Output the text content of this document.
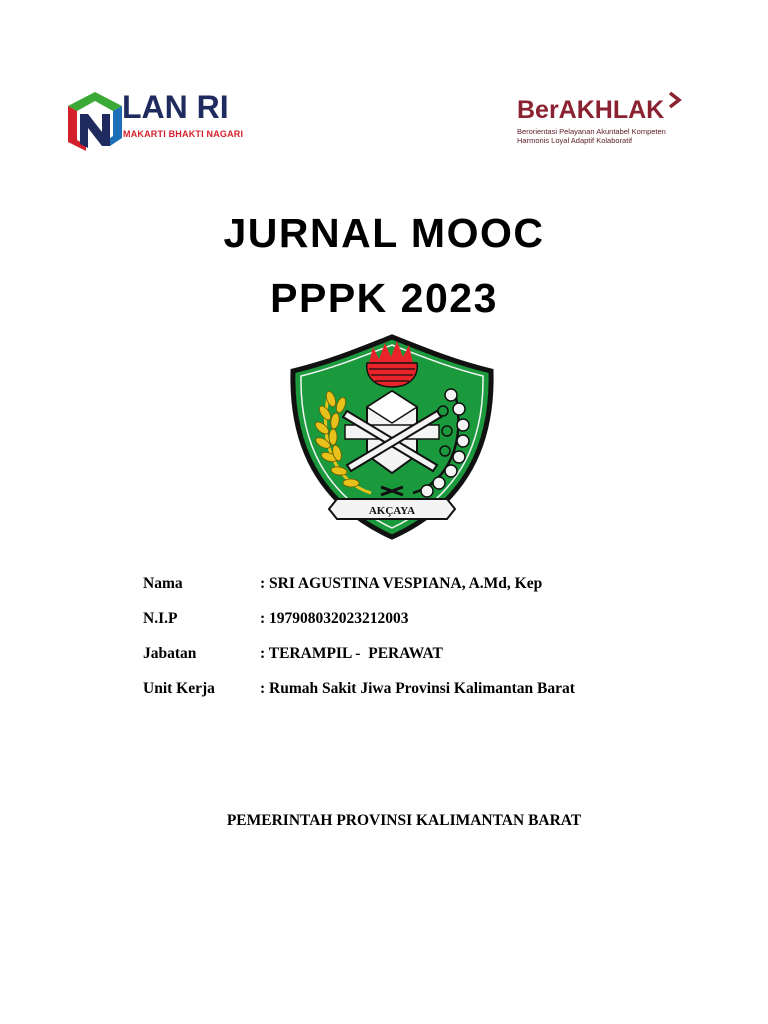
LAN RI
MAKARTI BHAKTI NAGARI
BerAKHLAK
Berorientasi Pelayanan Akuntabel Kompeten
Harmonis Loyal Adaptif Kolaboratif
JURNAL MOOC
PPPK 2023
AKÇAYA
Nama	: SRI AGUSTINA VESPIANA, A.Md, Kep
N.I.P	: 197908032023212003
Jabatan	: TERAMPIL -  PERAWAT
Unit Kerja	: Rumah Sakit Jiwa Provinsi Kalimantan Barat
PEMERINTAH PROVINSI KALIMANTAN BARAT
